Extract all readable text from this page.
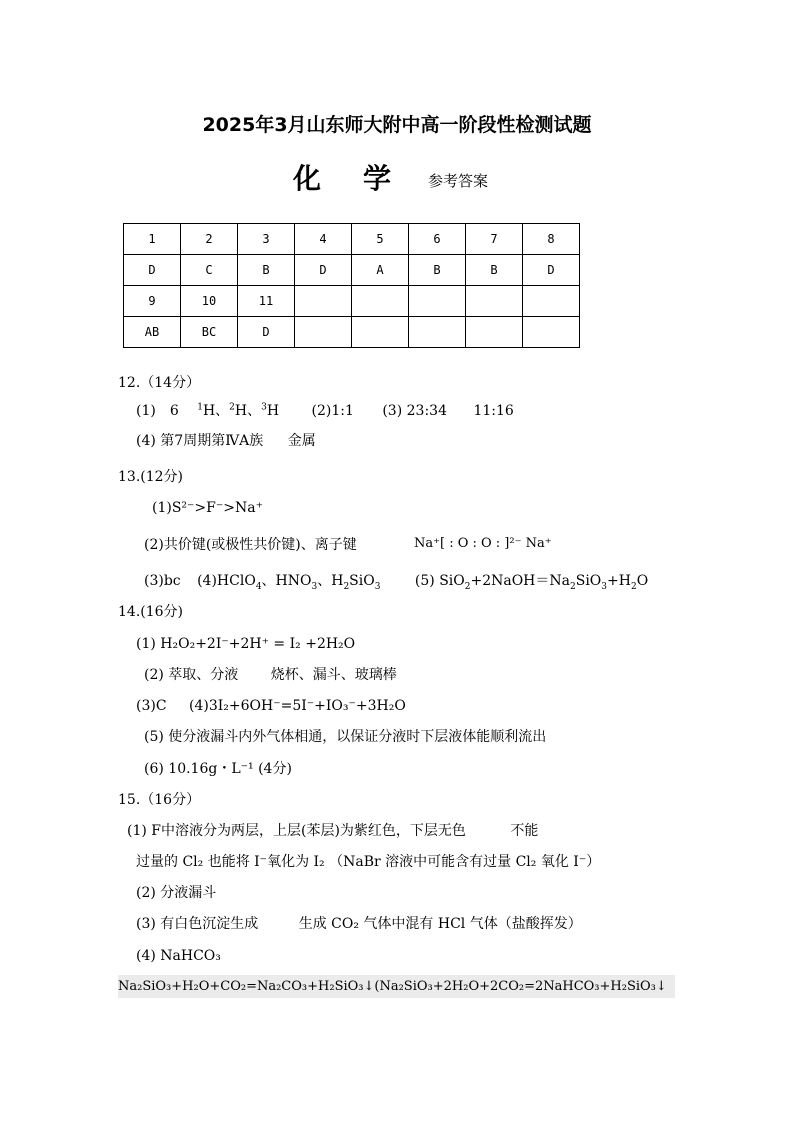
2025年3月山东师大附中高一阶段性检测试题
化 学 参考答案
1	2	3	4	5	6	7	8
D	C	B	D	A	B	B	D
9	10	11					
AB	BC	D					
12.（14分）
(1)　6　 $^1$H、$^2$H、$^3$H (2)1:1 (3) 23:34 11:16
(4) 第7周期第ⅣA族 金属
13.(12分)
(1)S²⁻>F⁻>Na⁺
(2)共价键(或极性共价键)、离子键	Na⁺[ : O : O : ]²⁻ Na⁺
(3)bc (4)HClO$_4$、$HNO_3$、$H_2SiO_3$ (5) $SiO_2+2NaOH=Na_2SiO_3+H_2O$
14.(16分)
(1) H₂O₂+2I⁻+2H⁺ = I₂ +2H₂O
(2) 萃取、分液 烧杯、漏斗、玻璃棒
(3)C (4)3I₂+6OH⁻=5I⁻+IO₃⁻+3H₂O
(5) 使分液漏斗内外气体相通，以保证分液时下层液体能顺利流出
(6) 10.16g・L⁻¹ (4分)
15.（16分）
(1) F中溶液分为两层，上层(苯层)为紫红色，下层无色	不能
过量的 Cl₂ 也能将 I⁻氧化为 I₂ （NaBr 溶液中可能含有过量 Cl₂ 氧化 I⁻）
(2) 分液漏斗
(3) 有白色沉淀生成	生成 CO₂ 气体中混有 HCl 气体（盐酸挥发）
(4) NaHCO₃
Na₂SiO₃+H₂O+CO₂=Na₂CO₃+H₂SiO₃↓(Na₂SiO₃+2H₂O+2CO₂=2NaHCO₃+H₂SiO₃↓
